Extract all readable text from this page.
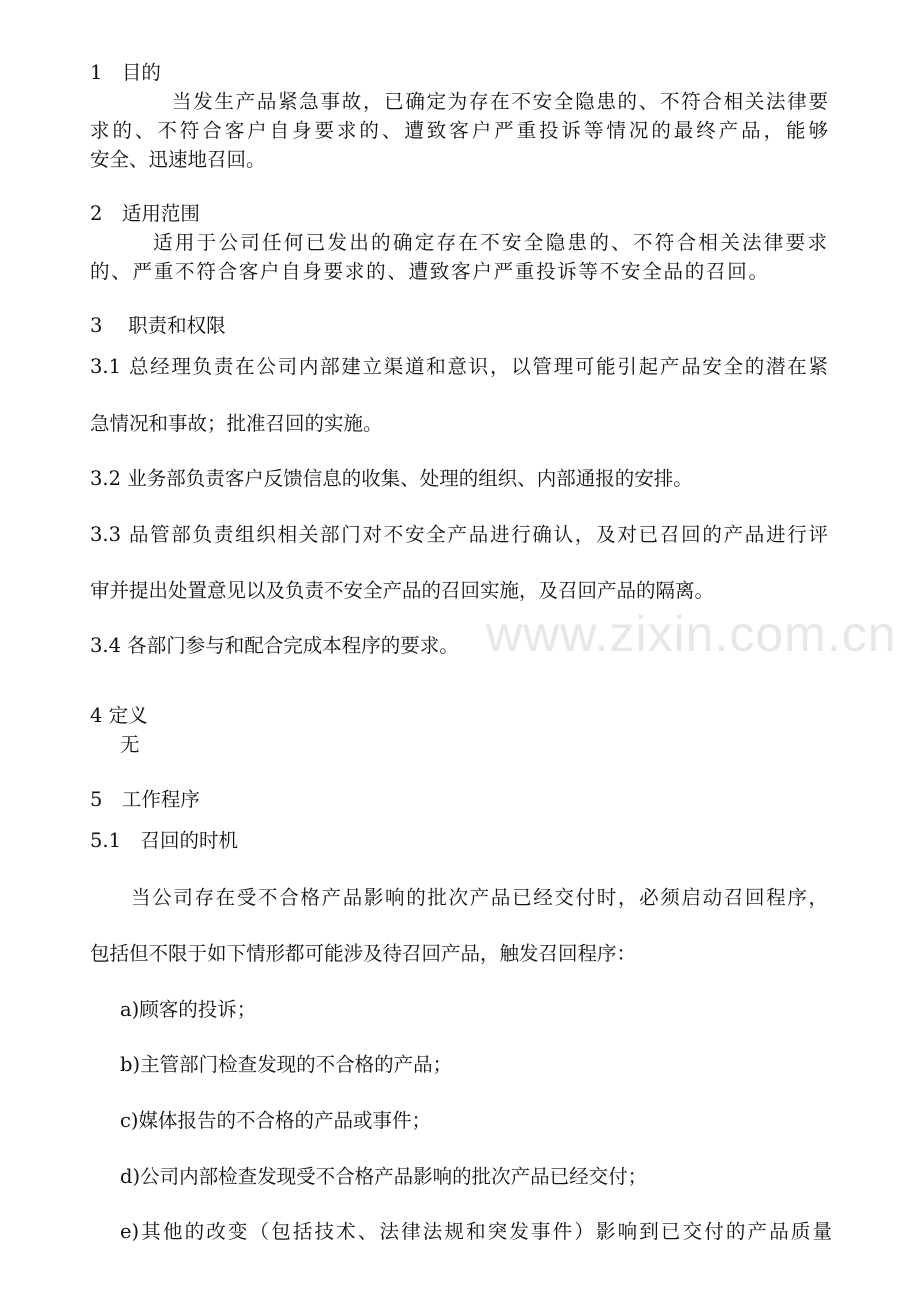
www.zixin.com.cn
1　目的
当发生产品紧急事故，已确定为存在不安全隐患的、不符合相关法律要
求的、不符合客户自身要求的、遭致客户严重投诉等情况的最终产品，能够
安全、迅速地召回。
2　适用范围
适用于公司任何已发出的确定存在不安全隐患的、不符合相关法律要求
的、严重不符合客户自身要求的、遭致客户严重投诉等不安全品的召回。
3　 职责和权限
3.1 总经理负责在公司内部建立渠道和意识，以管理可能引起产品安全的潜在紧
急情况和事故；批准召回的实施。
3.2 业务部负责客户反馈信息的收集、处理的组织、内部通报的安排。
3.3 品管部负责组织相关部门对不安全产品进行确认，及对已召回的产品进行评
审并提出处置意见以及负责不安全产品的召回实施，及召回产品的隔离。
3.4 各部门参与和配合完成本程序的要求。
4 定义
无
5　工作程序
5.1　召回的时机
当公司存在受不合格产品影响的批次产品已经交付时，必须启动召回程序，
包括但不限于如下情形都可能涉及待召回产品，触发召回程序：
a)顾客的投诉；
b)主管部门检查发现的不合格的产品；
c)媒体报告的不合格的产品或事件；
d)公司内部检查发现受不合格产品影响的批次产品已经交付；
e)其他的改变（包括技术、法律法规和突发事件）影响到已交付的产品质量
